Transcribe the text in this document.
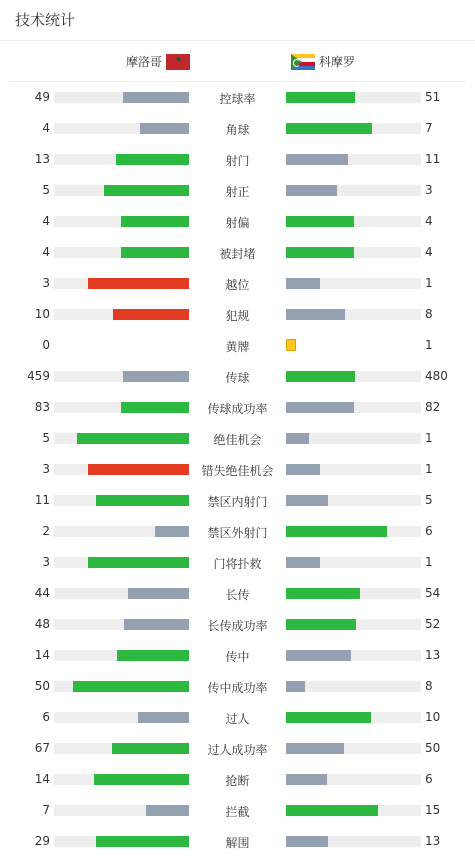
技术统计
摩洛哥
★	科摩罗
49	控球率	51
4	角球	7
13	射门	11
5	射正	3
4	射偏	4
4	被封堵	4
3	越位	1
10	犯规	8
0	黄牌	1
459	传球	480
83	传球成功率	82
5	绝佳机会	1
3	错失绝佳机会	1
11	禁区内射门	5
2	禁区外射门	6
3	门将扑救	1
44	长传	54
48	长传成功率	52
14	传中	13
50	传中成功率	8
6	过人	10
67	过人成功率	50
14	抢断	6
7	拦截	15
29	解围	13
